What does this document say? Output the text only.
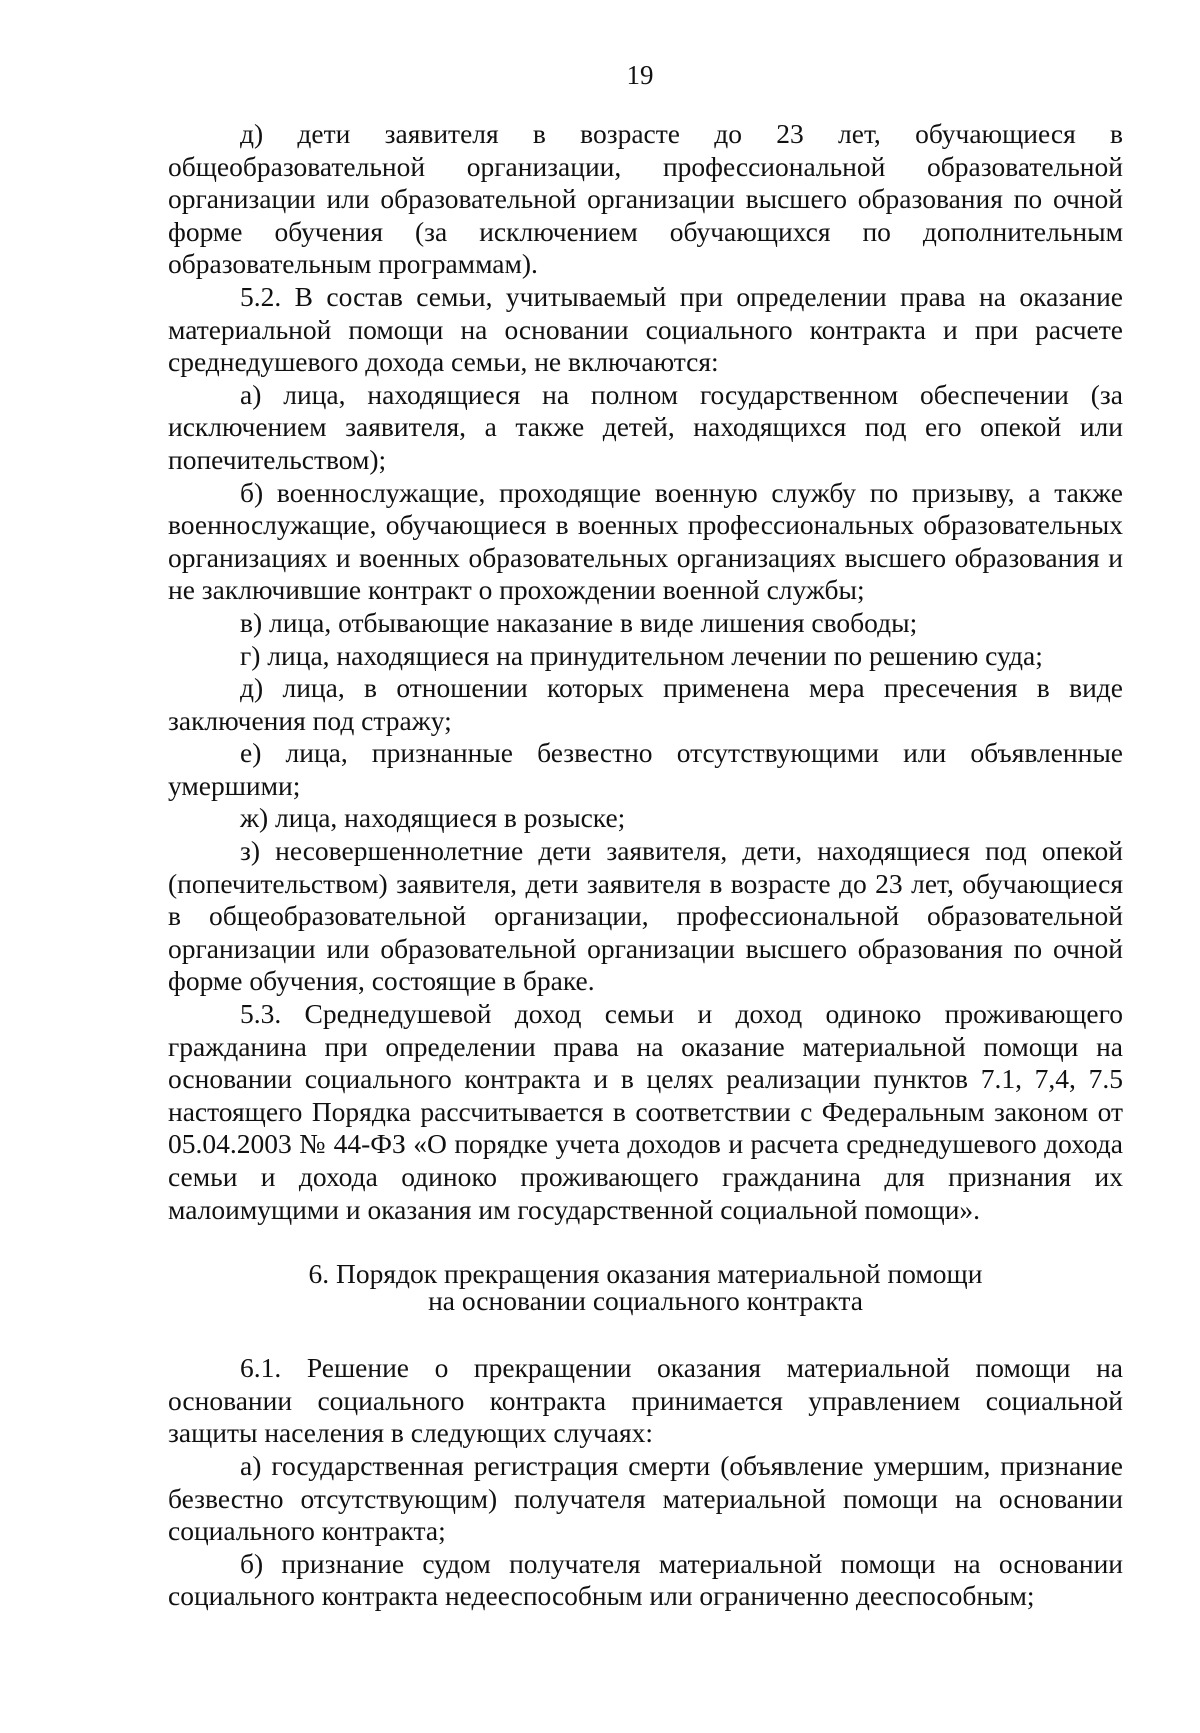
19

д) дети заявителя в возрасте до 23 лет, обучающиеся в общеобразовательной организации, профессиональной образовательной организации или образовательной организации высшего образования по очной форме обучения (за исключением обучающихся по дополнительным образовательным программам).

5.2. В состав семьи, учитываемый при определении права на оказание материальной помощи на основании социального контракта и при расчете среднедушевого дохода семьи, не включаются:

а) лица, находящиеся на полном государственном обеспечении (за исключением заявителя, а также детей, находящихся под его опекой или попечительством);

б) военнослужащие, проходящие военную службу по призыву, а также военнослужащие, обучающиеся в военных профессиональных образовательных организациях и военных образовательных организациях высшего образования и не заключившие контракт о прохождении военной службы;

в) лица, отбывающие наказание в виде лишения свободы;

г) лица, находящиеся на принудительном лечении по решению суда;

д) лица, в отношении которых применена мера пресечения в виде заключения под стражу;

е) лица, признанные безвестно отсутствующими или объявленные умершими;

ж) лица, находящиеся в розыске;

з) несовершеннолетние дети заявителя, дети, находящиеся под опекой (попечительством) заявителя, дети заявителя в возрасте до 23 лет, обучающиеся в общеобразовательной организации, профессиональной образовательной организации или образовательной организации высшего образования по очной форме обучения, состоящие в браке.

5.3. Среднедушевой доход семьи и доход одиноко проживающего гражданина при определении права на оказание материальной помощи на основании социального контракта и в целях реализации пунктов 7.1, 7,4, 7.5 настоящего Порядка рассчитывается в соответствии с Федеральным законом от 05.04.2003 № 44-ФЗ «О порядке учета доходов и расчета среднедушевого дохода семьи и дохода одиноко проживающего гражданина для признания их малоимущими и оказания им государственной социальной помощи».

6. Порядок прекращения оказания материальной помощи
на основании социального контракта

6.1. Решение о прекращении оказания материальной помощи на основании социального контракта принимается управлением социальной защиты населения в следующих случаях:

а) государственная регистрация смерти (объявление умершим, признание безвестно отсутствующим) получателя материальной помощи на основании социального контракта;

б) признание судом получателя материальной помощи на основании социального контракта недееспособным или ограниченно дееспособным;
